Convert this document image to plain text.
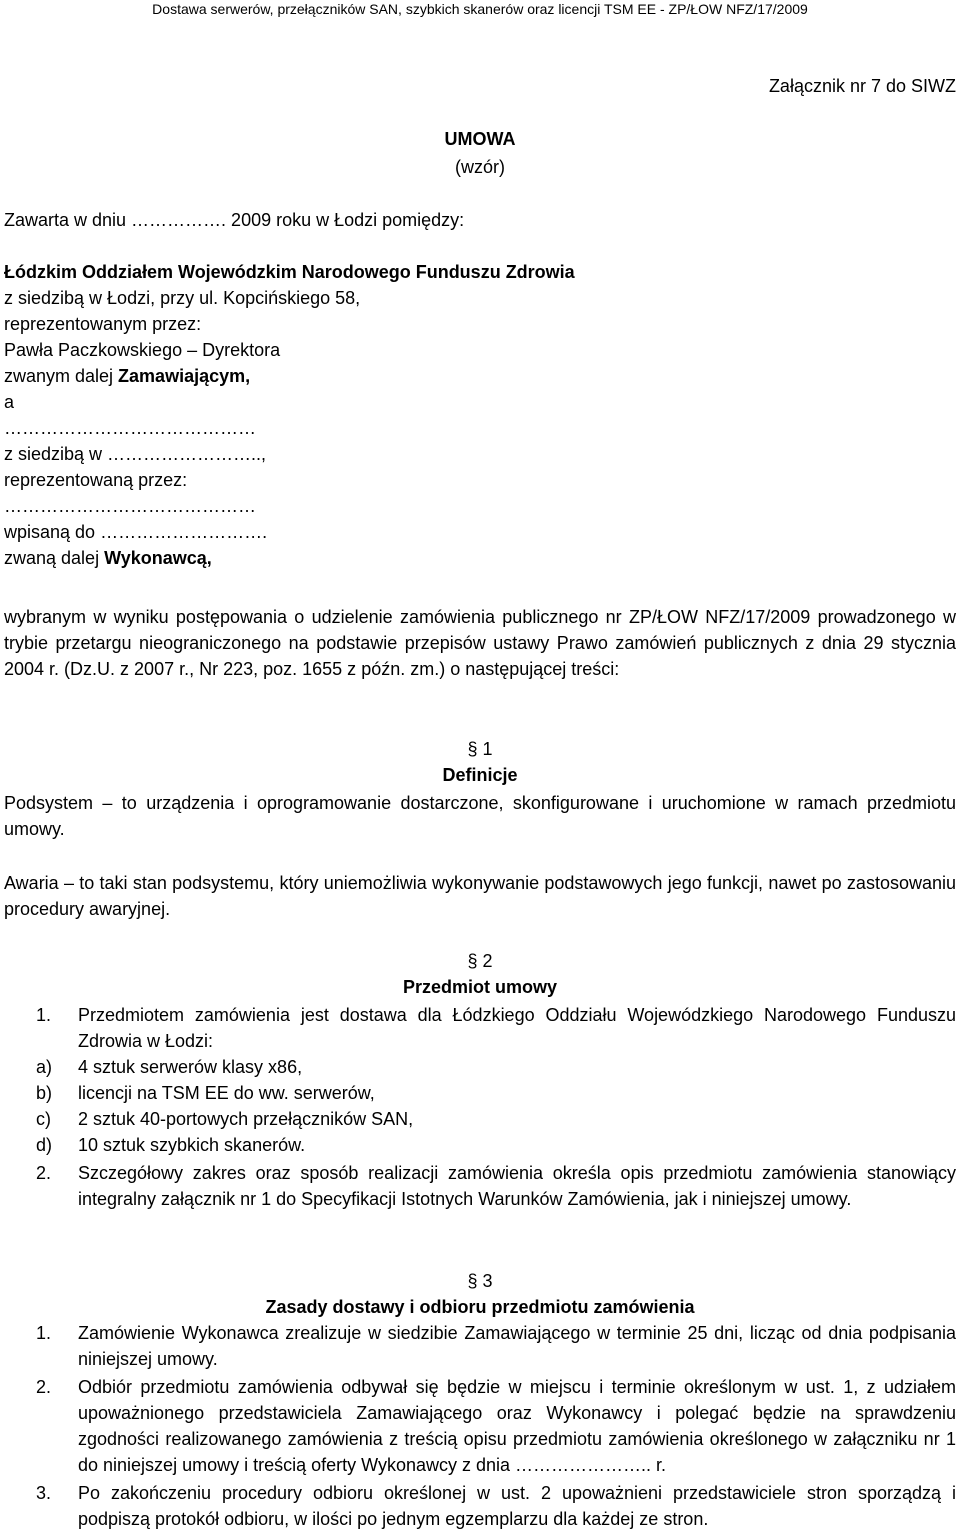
Dostawa serwerów, przełączników SAN, szybkich skanerów oraz licencji TSM EE - ZP/ŁOW NFZ/17/2009
Załącznik nr 7 do SIWZ
UMOWA
(wzór)
Zawarta w dniu ……………. 2009 roku w Łodzi pomiędzy:
Łódzkim Oddziałem Wojewódzkim Narodowego Funduszu Zdrowia
z siedzibą w Łodzi, przy ul. Kopcińskiego 58,
reprezentowanym przez:
Pawła Paczkowskiego – Dyrektora
zwanym dalej Zamawiającym,
a
……………………………………
z siedzibą w ……………………..,
reprezentowaną przez:
……………………………………
wpisaną do ……………………….
zwaną dalej Wykonawcą,
wybranym w wyniku postępowania o udzielenie zamówienia publicznego nr ZP/ŁOW NFZ/17/2009 prowadzonego w trybie przetargu nieograniczonego na podstawie przepisów ustawy Prawo zamówień publicznych z dnia 29 stycznia 2004 r. (Dz.U. z 2007 r., Nr 223, poz. 1655 z późn. zm.) o następującej treści:
§ 1
Definicje
Podsystem – to urządzenia i oprogramowanie dostarczone, skonfigurowane i uruchomione w ramach przedmiotu umowy.
Awaria – to taki stan podsystemu, który uniemożliwia wykonywanie podstawowych jego funkcji, nawet po zastosowaniu procedury awaryjnej.
§ 2
Przedmiot umowy
1. Przedmiotem zamówienia jest dostawa dla Łódzkiego Oddziału Wojewódzkiego Narodowego Funduszu Zdrowia w Łodzi:
a) 4 sztuk serwerów klasy x86,
b) licencji na TSM EE do ww. serwerów,
c) 2 sztuk 40-portowych przełączników SAN,
d) 10 sztuk szybkich skanerów.
2. Szczegółowy zakres oraz sposób realizacji zamówienia określa opis przedmiotu zamówienia stanowiący integralny załącznik nr 1 do Specyfikacji Istotnych Warunków Zamówienia, jak i niniejszej umowy.
§ 3
Zasady dostawy i odbioru przedmiotu zamówienia
1. Zamówienie Wykonawca zrealizuje w siedzibie Zamawiającego w terminie 25 dni, licząc od dnia podpisania niniejszej umowy.
2. Odbiór przedmiotu zamówienia odbywał się będzie w miejscu i terminie określonym w ust. 1, z udziałem upoważnionego przedstawiciela Zamawiającego oraz Wykonawcy i polegać będzie na sprawdzeniu zgodności realizowanego zamówienia z treścią opisu przedmiotu zamówienia określonego w załączniku nr 1 do niniejszej umowy i treścią oferty Wykonawcy z dnia ………………….. r.
3. Po zakończeniu procedury odbioru określonej w ust. 2 upoważnieni przedstawiciele stron sporządzą i podpiszą protokół odbioru, w ilości po jednym egzemplarzu dla każdej ze stron.
